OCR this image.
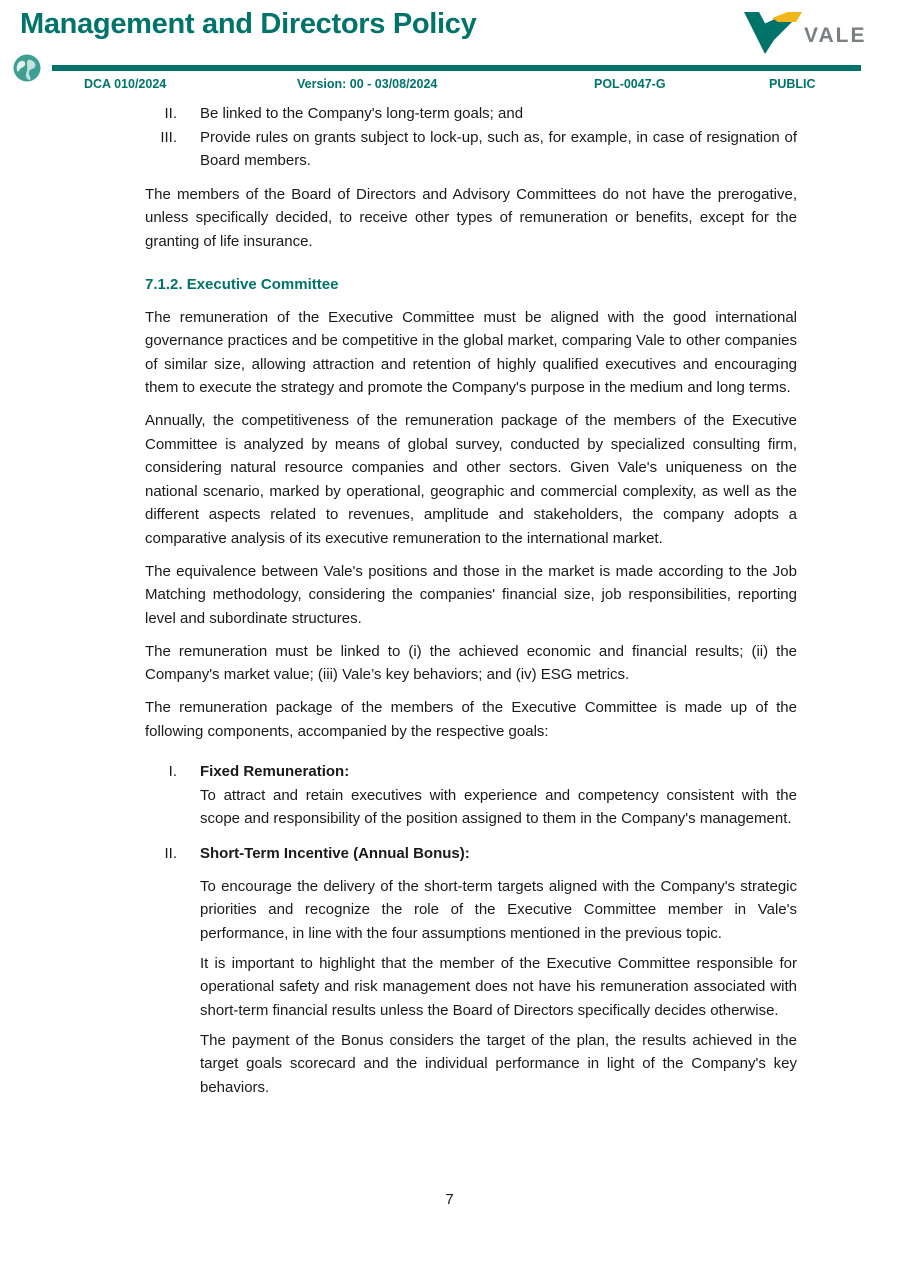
Management and Directors Policy	VALE
DCA 010/2024	Version: 00 - 03/08/2024	POL-0047-G	PUBLIC
II. Be linked to the Company's long-term goals; and
III. Provide rules on grants subject to lock-up, such as, for example, in case of resignation of Board members.

The members of the Board of Directors and Advisory Committees do not have the prerogative, unless specifically decided, to receive other types of remuneration or benefits, except for the granting of life insurance.

7.1.2. Executive Committee

The remuneration of the Executive Committee must be aligned with the good international governance practices and be competitive in the global market, comparing Vale to other companies of similar size, allowing attraction and retention of highly qualified executives and encouraging them to execute the strategy and promote the Company's purpose in the medium and long terms.

Annually, the competitiveness of the remuneration package of the members of the Executive Committee is analyzed by means of global survey, conducted by specialized consulting firm, considering natural resource companies and other sectors. Given Vale's uniqueness on the national scenario, marked by operational, geographic and commercial complexity, as well as the different aspects related to revenues, amplitude and stakeholders, the company adopts a comparative analysis of its executive remuneration to the international market.

The equivalence between Vale's positions and those in the market is made according to the Job Matching methodology, considering the companies' financial size, job responsibilities, reporting level and subordinate structures.

The remuneration must be linked to (i) the achieved economic and financial results; (ii) the Company's market value; (iii) Vale’s key behaviors; and (iv) ESG metrics.

The remuneration package of the members of the Executive Committee is made up of the following components, accompanied by the respective goals:

I. Fixed Remuneration:

To attract and retain executives with experience and competency consistent with the scope and responsibility of the position assigned to them in the Company's management.

II. Short-Term Incentive (Annual Bonus):

To encourage the delivery of the short-term targets aligned with the Company's strategic priorities and recognize the role of the Executive Committee member in Vale's performance, in line with the four assumptions mentioned in the previous topic.

It is important to highlight that the member of the Executive Committee responsible for operational safety and risk management does not have his remuneration associated with short-term financial results unless the Board of Directors specifically decides otherwise.

The payment of the Bonus considers the target of the plan, the results achieved in the target goals scorecard and the individual performance in light of the Company's key behaviors.

7
